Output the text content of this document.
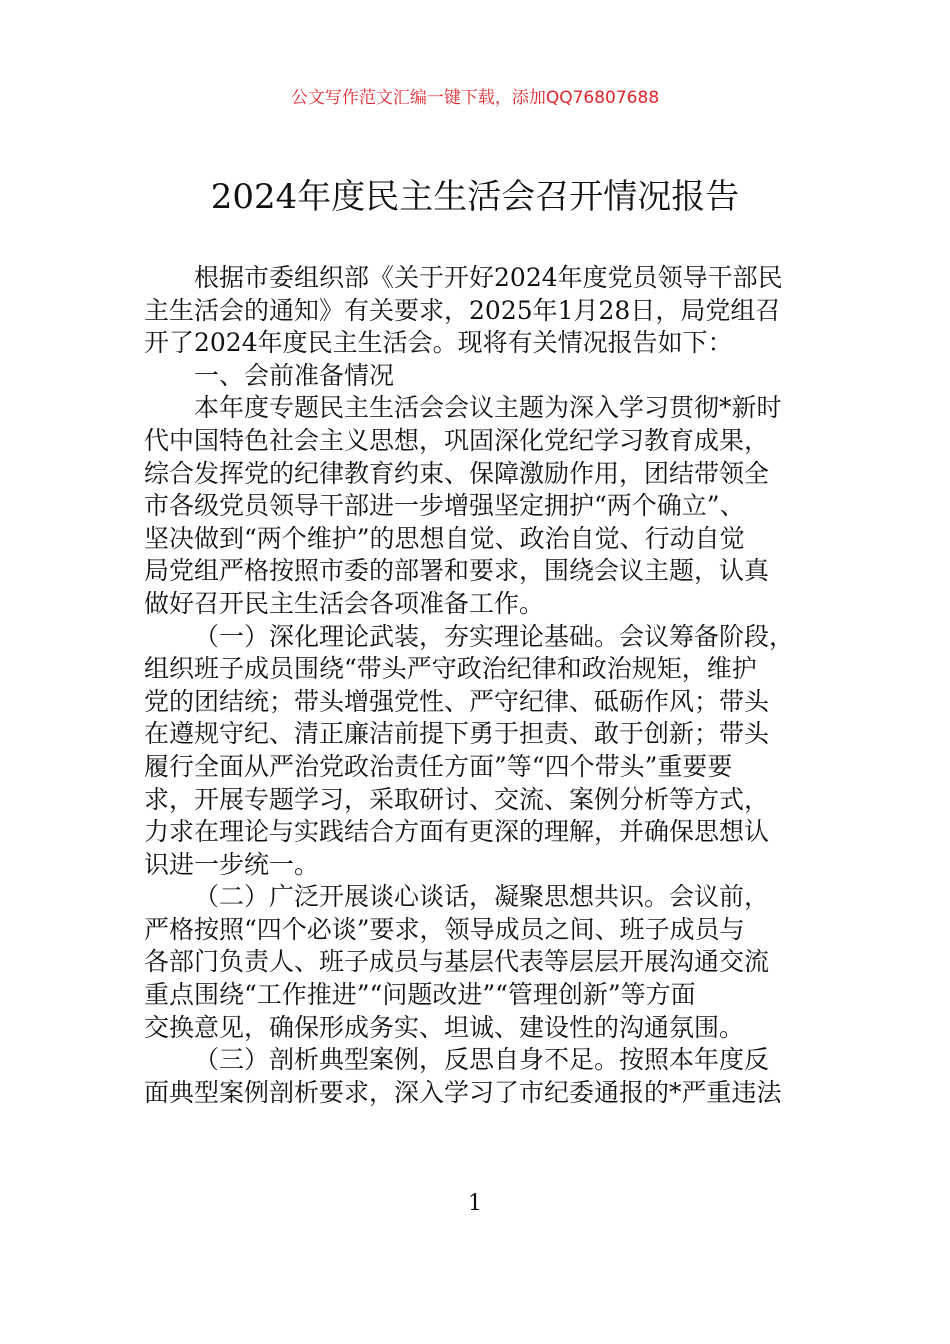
公文写作范文汇编一键下载，添加QQ76807688
2024年度民主生活会召开情况报告

根据市委组织部《关于开好2024年度党员领导干部民

主生活会的通知》有关要求，2025年1月28日，局党组召

开了2024年度民主生活会。现将有关情况报告如下：

一、会前准备情况

本年度专题民主生活会会议主题为深入学习贯彻*新时

代中国特色社会主义思想，巩固深化党纪学习教育成果，

综合发挥党的纪律教育约束、保障激励作用，团结带领全

市各级党员领导干部进一步增强坚定拥护“两个确立”、

坚决做到“两个维护”的思想自觉、政治自觉、行动自觉

局党组严格按照市委的部署和要求，围绕会议主题，认真

做好召开民主生活会各项准备工作。

（一）深化理论武装，夯实理论基础。会议筹备阶段，

组织班子成员围绕“带头严守政治纪律和政治规矩，维护

党的团结统；带头增强党性、严守纪律、砥砺作风；带头

在遵规守纪、清正廉洁前提下勇于担责、敢于创新；带头

履行全面从严治党政治责任方面”等“四个带头”重要要

求，开展专题学习，采取研讨、交流、案例分析等方式，

力求在理论与实践结合方面有更深的理解，并确保思想认

识进一步统一。

（二）广泛开展谈心谈话，凝聚思想共识。会议前，

严格按照“四个必谈”要求，领导成员之间、班子成员与

各部门负责人、班子成员与基层代表等层层开展沟通交流

重点围绕“工作推进”“问题改进”“管理创新”等方面

交换意见，确保形成务实、坦诚、建设性的沟通氛围。

（三）剖析典型案例，反思自身不足。按照本年度反

面典型案例剖析要求，深入学习了市纪委通报的*严重违法

1
